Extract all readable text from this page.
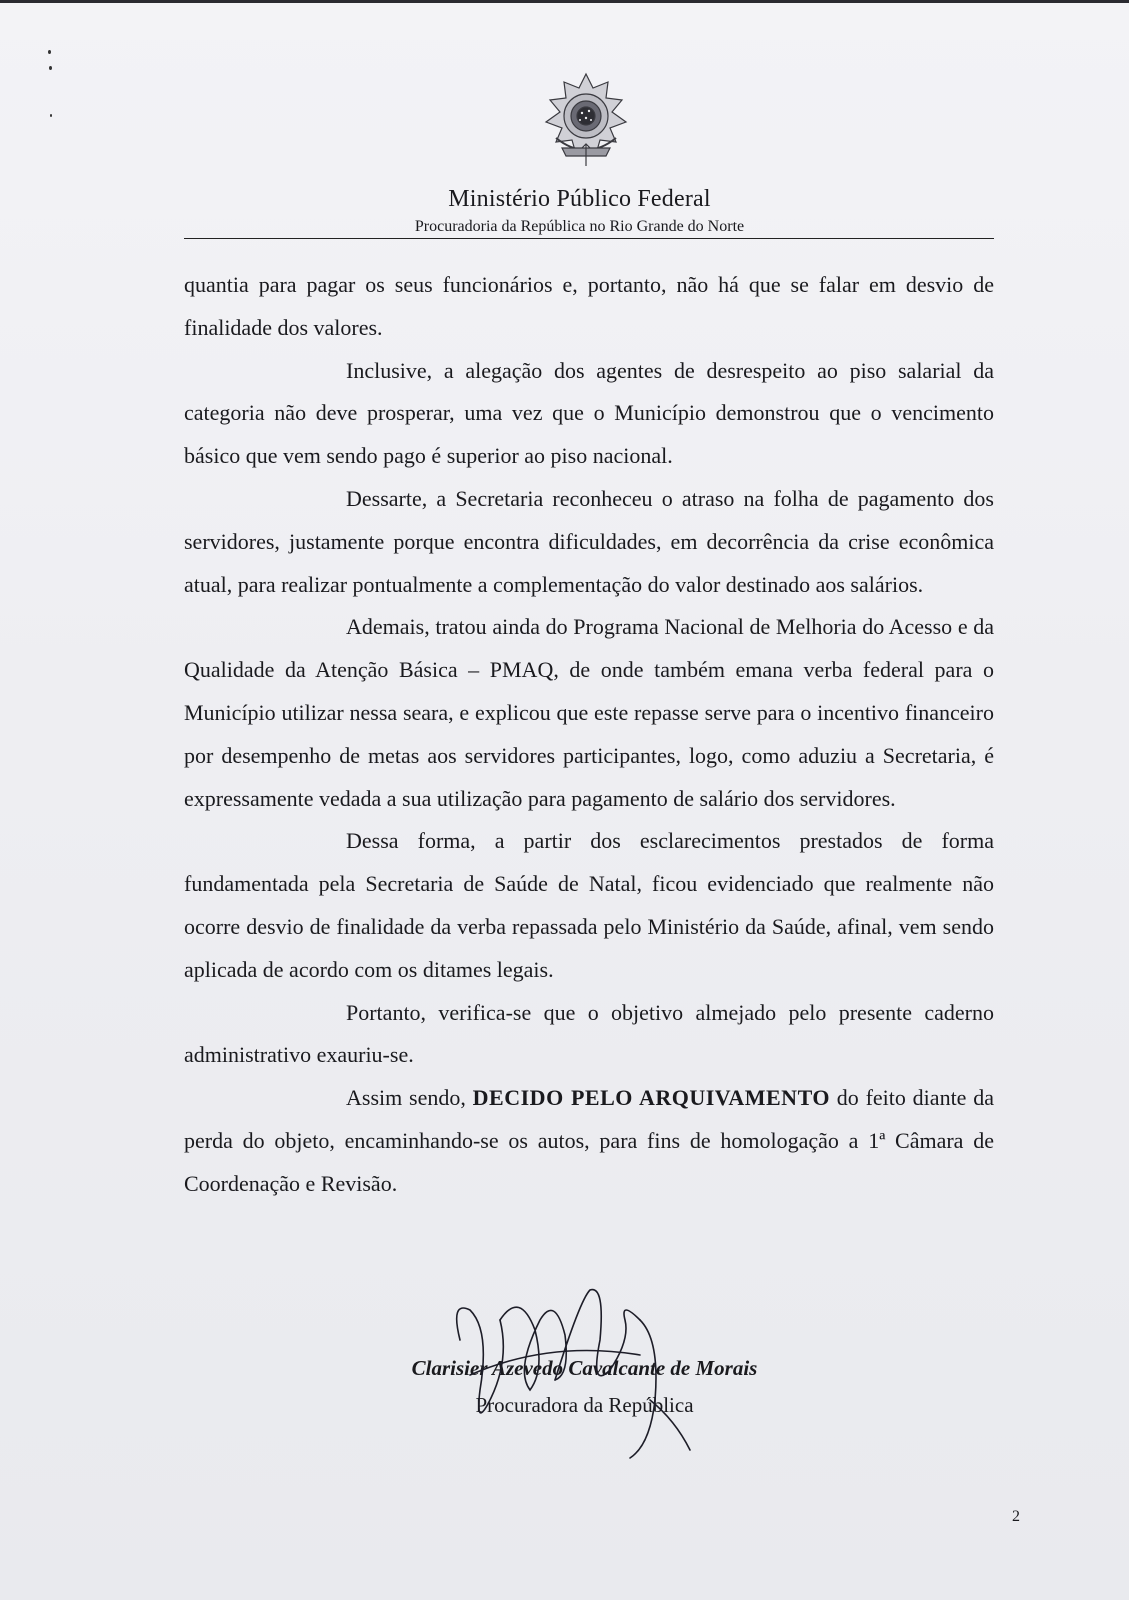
Ministério Público Federal
Procuradoria da República no Rio Grande do Norte

quantia para pagar os seus funcionários e, portanto, não há que se falar em desvio de finalidade dos valores.

Inclusive, a alegação dos agentes de desrespeito ao piso salarial da categoria não deve prosperar, uma vez que o Município demonstrou que o vencimento básico que vem sendo pago é superior ao piso nacional.

Dessarte, a Secretaria reconheceu o atraso na folha de pagamento dos servidores, justamente porque encontra dificuldades, em decorrência da crise econômica atual, para realizar pontualmente a complementação do valor destinado aos salários.

Ademais, tratou ainda do Programa Nacional de Melhoria do Acesso e da Qualidade da Atenção Básica – PMAQ, de onde também emana verba federal para o Município utilizar nessa seara, e explicou que este repasse serve para o incentivo financeiro por desempenho de metas aos servidores participantes, logo, como aduziu a Secretaria, é expressamente vedada a sua utilização para pagamento de salário dos servidores.

Dessa forma, a partir dos esclarecimentos prestados de forma fundamentada pela Secretaria de Saúde de Natal, ficou evidenciado que realmente não ocorre desvio de finalidade da verba repassada pelo Ministério da Saúde, afinal, vem sendo aplicada de acordo com os ditames legais.

Portanto, verifica-se que o objetivo almejado pelo presente caderno administrativo exauriu-se.

Assim sendo, DECIDO PELO ARQUIVAMENTO do feito diante da perda do objeto, encaminhando-se os autos, para fins de homologação a 1ª Câmara de Coordenação e Revisão.

Clarisier Azevedo Cavalcante de Morais
Procuradora da República
2
